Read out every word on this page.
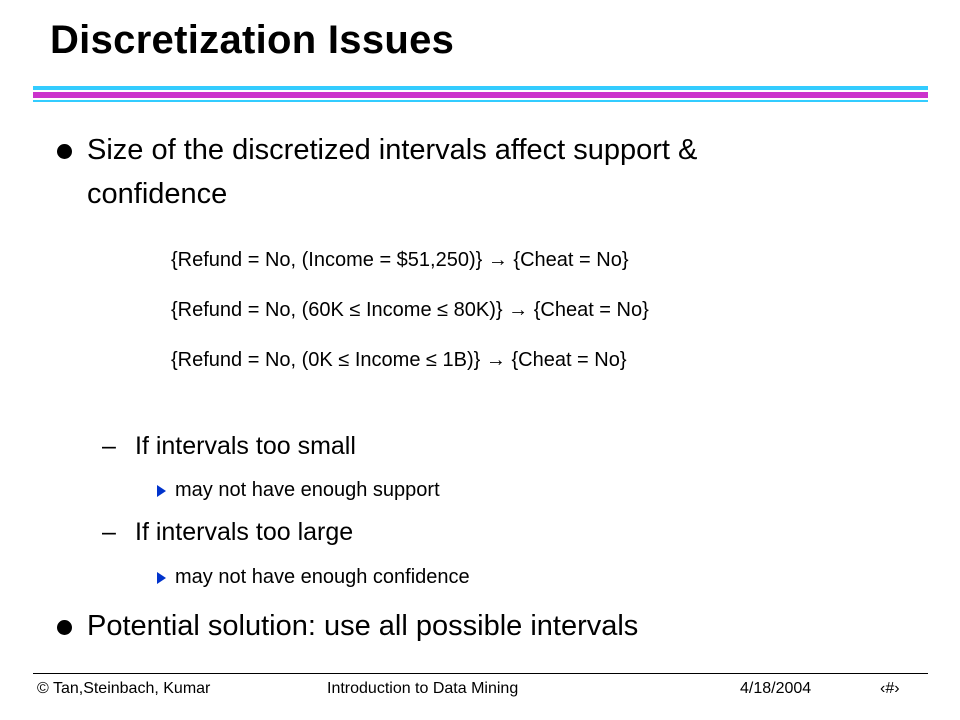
Discretization Issues
Size of the discretized intervals affect support &
confidence
{Refund = No, (Income = $51,250)} → {Cheat = No}
{Refund = No, (60K ≤ Income ≤ 80K)} → {Cheat = No}
{Refund = No, (0K ≤ Income ≤ 1B)} → {Cheat = No}
– If intervals too small
may not have enough support
– If intervals too large
may not have enough confidence
Potential solution: use all possible intervals
© Tan,Steinbach, Kumar	Introduction to Data Mining	4/18/2004	‹#›
